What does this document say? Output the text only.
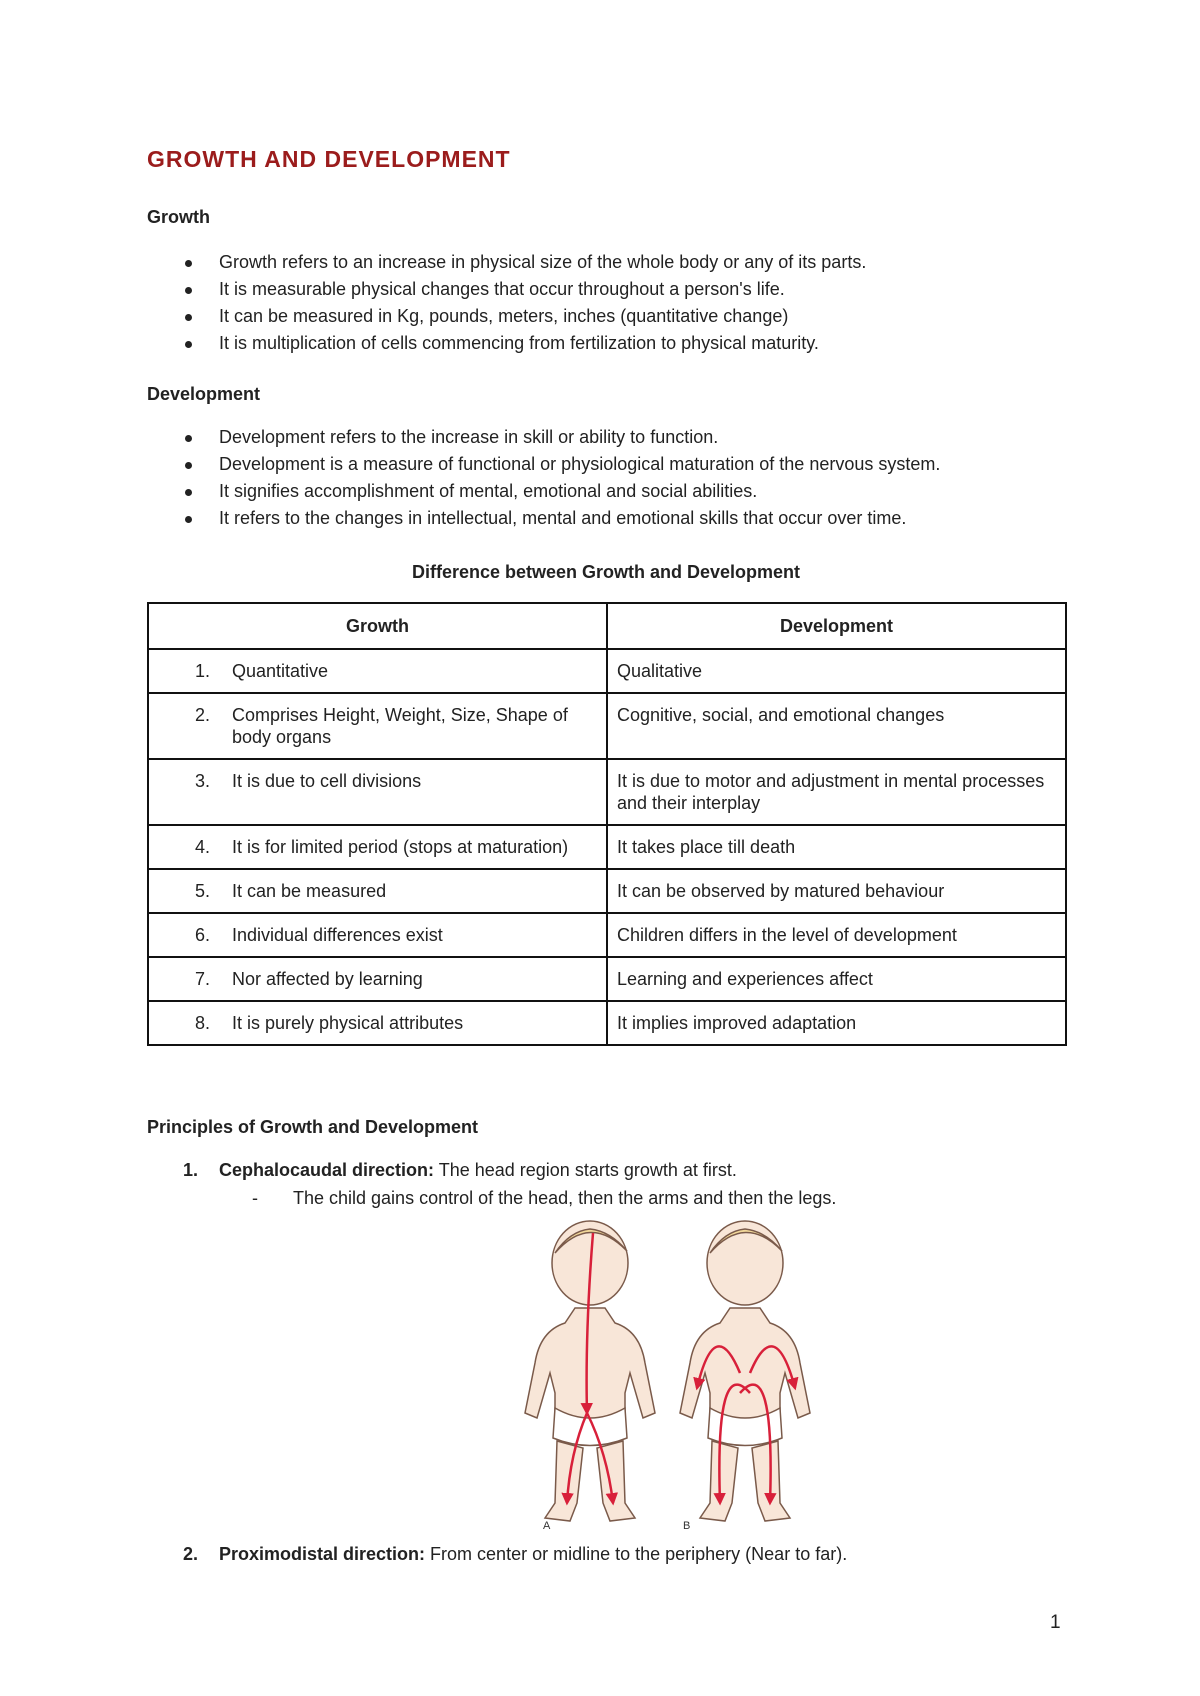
GROWTH AND DEVELOPMENT
Growth
Growth refers to an increase in physical size of the whole body or any of its parts.
It is measurable physical changes that occur throughout a person's life.
It can be measured in Kg, pounds, meters, inches (quantitative change)
It is multiplication of cells commencing from fertilization to physical maturity.
Development
Development refers to the increase in skill or ability to function.
Development is a measure of functional or physiological maturation of the nervous system.
It signifies accomplishment of mental, emotional and social abilities.
It refers to the changes in intellectual, mental and emotional skills that occur over time.

Difference between Growth and Development

Growth	Development

1. Quantitative	Qualitative

2. Comprises Height, Weight, Size, Shape of body organs	Cognitive, social, and emotional changes

3. It is due to cell divisions	It is due to motor and adjustment in mental processes and their interplay

4. It is for limited period (stops at maturation)	It takes place till death

5. It can be measured	It can be observed by matured behaviour

6. Individual differences exist	Children differs in the level of development

7. Nor affected by learning	Learning and experiences affect

8. It is purely physical attributes	It implies improved adaptation

Principles of Growth and Development

1. Cephalocaudal direction: The head region starts growth at first.
- The child gains control of the head, then the arms and then the legs.
A	B
2. Proximodistal direction: From center or midline to the periphery (Near to far).

1
